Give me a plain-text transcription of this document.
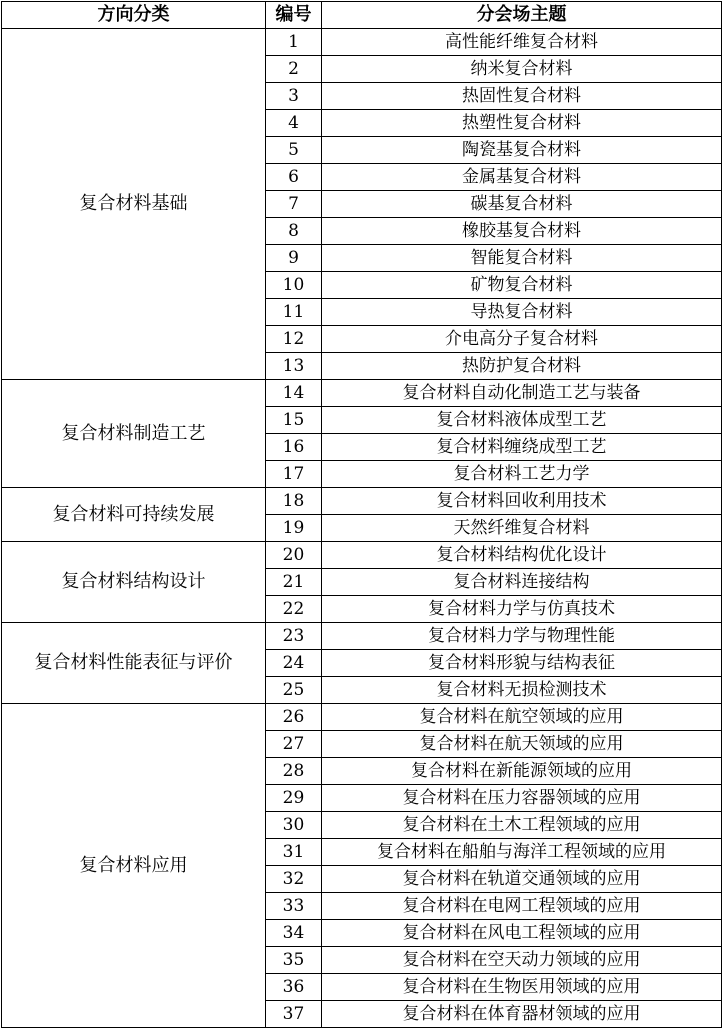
方向分类	编号	分会场主题
复合材料基础	1	高性能纤维复合材料
	2	纳米复合材料
	3	热固性复合材料
	4	热塑性复合材料
	5	陶瓷基复合材料
	6	金属基复合材料
	7	碳基复合材料
	8	橡胶基复合材料
	9	智能复合材料
	10	矿物复合材料
	11	导热复合材料
	12	介电高分子复合材料
	13	热防护复合材料
复合材料制造工艺	14	复合材料自动化制造工艺与装备
	15	复合材料液体成型工艺
	16	复合材料缠绕成型工艺
	17	复合材料工艺力学
复合材料可持续发展	18	复合材料回收利用技术
	19	天然纤维复合材料
复合材料结构设计	20	复合材料结构优化设计
	21	复合材料连接结构
	22	复合材料力学与仿真技术
复合材料性能表征与评价	23	复合材料力学与物理性能
	24	复合材料形貌与结构表征
	25	复合材料无损检测技术
复合材料应用	26	复合材料在航空领域的应用
	27	复合材料在航天领域的应用
	28	复合材料在新能源领域的应用
	29	复合材料在压力容器领域的应用
	30	复合材料在土木工程领域的应用
	31	复合材料在船舶与海洋工程领域的应用
	32	复合材料在轨道交通领域的应用
	33	复合材料在电网工程领域的应用
	34	复合材料在风电工程领域的应用
	35	复合材料在空天动力领域的应用
	36	复合材料在生物医用领域的应用
	37	复合材料在体育器材领域的应用
